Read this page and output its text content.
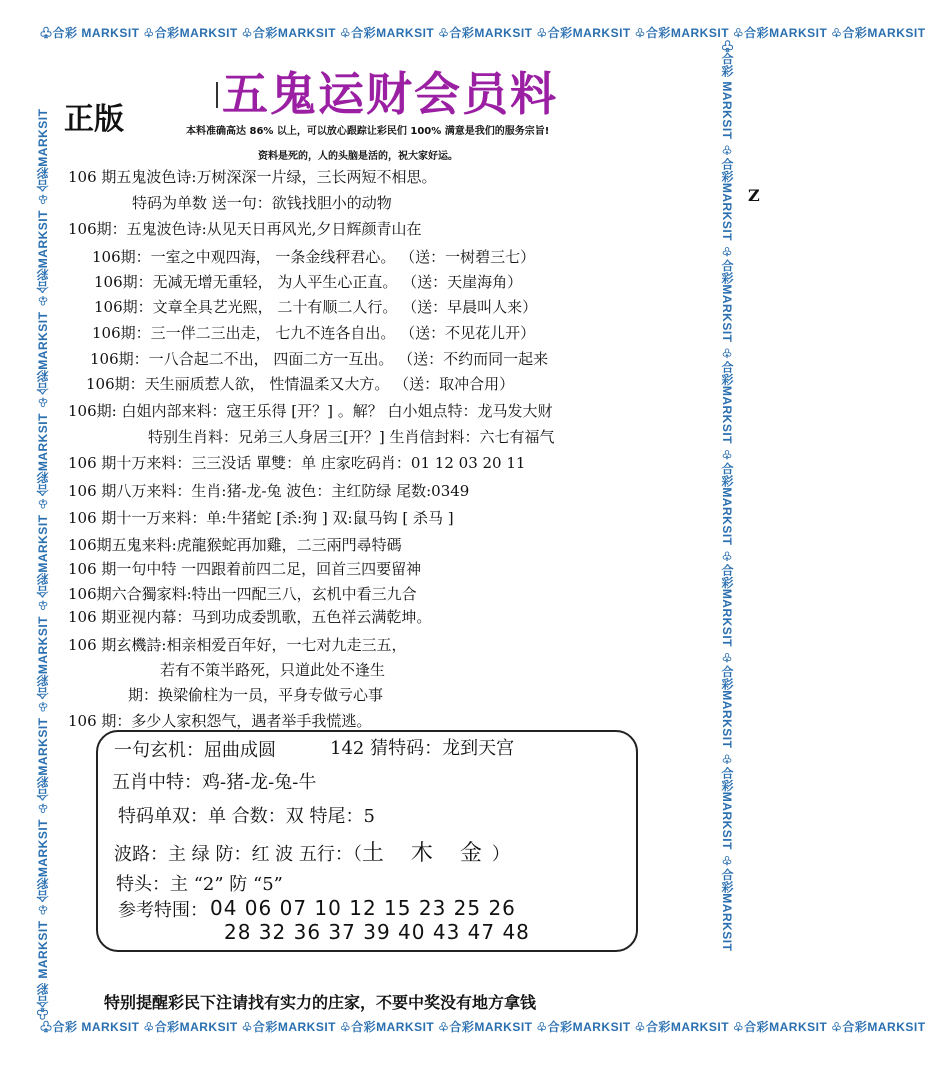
♧合彩 MARKSIT ♧合彩MARKSIT ♧合彩MARKSIT ♧合彩MARKSIT ♧合彩MARKSIT ♧合彩MARKSIT ♧合彩MARKSIT ♧合彩MARKSIT ♧合彩MARKSIT
♧合彩 MARKSIT ♧合彩MARKSIT ♧合彩MARKSIT ♧合彩MARKSIT ♧合彩MARKSIT ♧合彩MARKSIT ♧合彩MARKSIT ♧合彩MARKSIT ♧合彩MARKSIT
♧合彩 MARKSIT ♧合彩MARKSIT ♧合彩MARKSIT ♧合彩MARKSIT ♧合彩MARKSIT ♧合彩MARKSIT ♧合彩MARKSIT ♧合彩MARKSIT ♧合彩MARKSIT	♧合彩 MARKSIT ♧合彩MARKSIT ♧合彩MARKSIT ♧合彩MARKSIT ♧合彩MARKSIT ♧合彩MARKSIT ♧合彩MARKSIT ♧合彩MARKSIT ♧合彩MARKSIT
五鬼运财会员料
正版	本料准确高达 86% 以上，可以放心跟踪让彩民们 100% 满意是我们的服务宗旨!
资料是死的，人的头脑是活的，祝大家好运。
Z
106 期五鬼波色诗:万树深深一片绿，三长两短不相思。
特码为单数 送一句：欲钱找胆小的动物
106期：五鬼波色诗:从见天日再风光,夕日辉颜青山在
106期：一室之中观四海， 一条金线秤君心。 （送：一树碧三七）
106期：无减无增无重轻， 为人平生心正直。 （送：天崖海角）
106期：文章全具艺光熙， 二十有顺二人行。 （送：早晨叫人来）
106期：三一伴二三出走， 七九不连各自出。 （送：不见花儿开）
106期：一八合起二不出， 四面二方一互出。 （送：不约而同一起来
106期：天生丽质惹人欲， 性情温柔又大方。 （送：取冲合用）
106期: 白姐内部来料：寇王乐得 [开？] 。解？ 白小姐点特：龙马发大财
特别生肖料：兄弟三人身居三[开？] 生肖信封料：六七有福气
106 期十万来料：三三没话 單雙：单 庄家吃码肖：01 12 03 20 11
106 期八万来料：生肖:猪-龙-兔 波色：主红防绿 尾数:0349
106 期十一万来料：单:牛猪蛇 [杀:狗 ] 双:鼠马钩 [ 杀马 ]
106期五鬼来料:虎龍猴蛇再加雞，二三兩門尋特碼
106 期一句中特 一四跟着前四二足，回首三四要留神
106期六合獨家料:特出一四配三八，玄机中看三九合
106 期亚视内幕：马到功成委凯歌，五色祥云满乾坤。
106 期玄機詩:相亲相爱百年好，一七对九走三五，
若有不策半路死，只道此处不逢生
期：换梁偷柱为一员，平身专做亏心事
106 期：多少人家积怨气，遇者举手我慌逃。
一句玄机：屈曲成圆	142 猜特码：龙到天宫
五肖中特：鸡-猪-龙-兔-牛
特码单双：单 合数：双 特尾：5
波路：主 绿 防：红 波 五行：（土 木 金）
特头：主 “2” 防 “5”
参考特围： 04 06 07 10 12 15 23 25 26
28 32 36 37 39 40 43 47 48
特别提醒彩民下注请找有实力的庄家，不要中奖没有地方拿钱
